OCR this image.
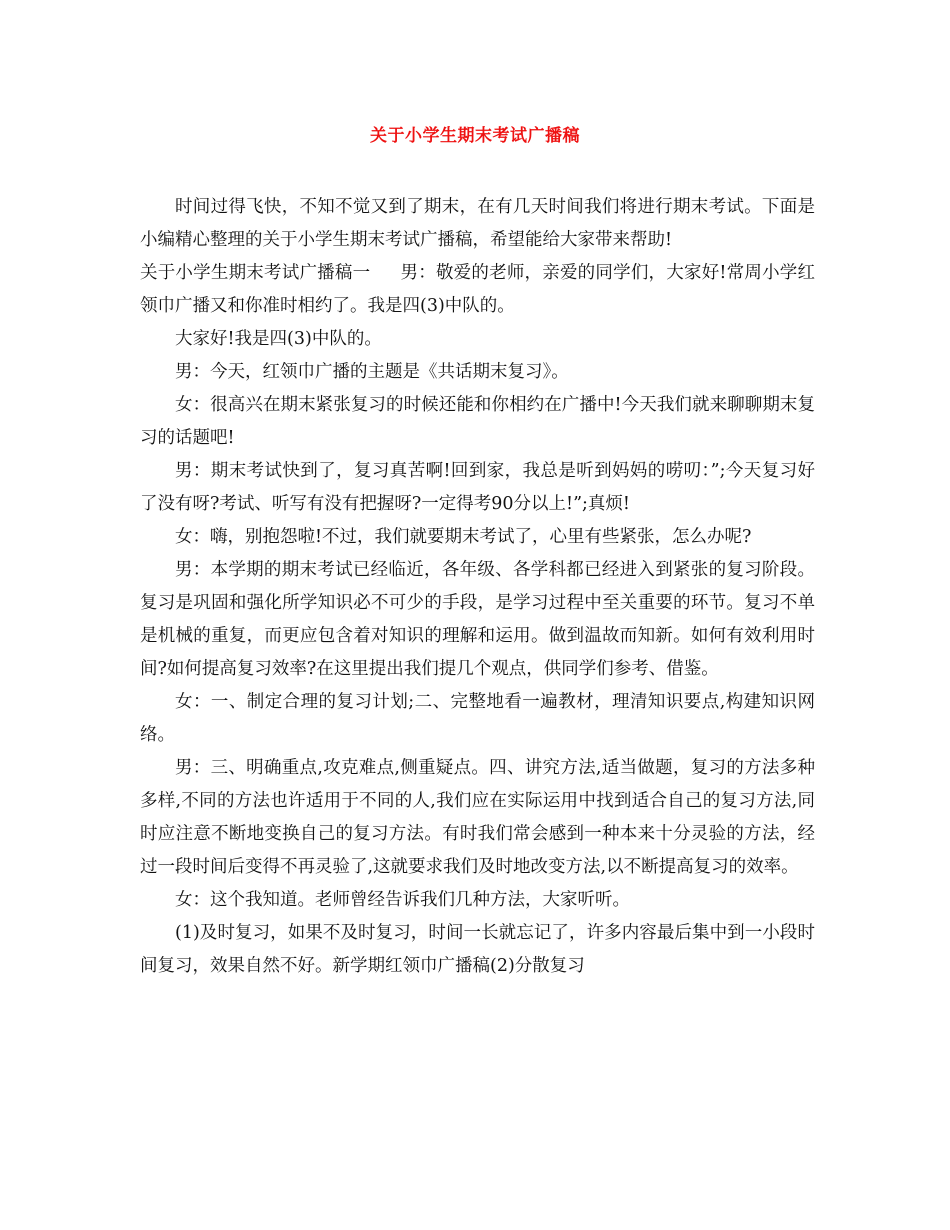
关于小学生期末考试广播稿

时间过得飞快，不知不觉又到了期末，在有几天时间我们将进行期末考试。下面是小编精心整理的关于小学生期末考试广播稿，希望能给大家带来帮助!

关于小学生期末考试广播稿一 男：敬爱的老师，亲爱的同学们，大家好!常周小学红领巾广播又和你准时相约了。我是四(3)中队的。

大家好!我是四(3)中队的。

男：今天，红领巾广播的主题是《共话期末复习》。

女：很高兴在期末紧张复习的时候还能和你相约在广播中!今天我们就来聊聊期末复习的话题吧!

男：期末考试快到了，复习真苦啊!回到家，我总是听到妈妈的唠叨：”;今天复习好了没有呀?考试、听写有没有把握呀?一定得考90分以上!”;真烦!

女：嗨，别抱怨啦!不过，我们就要期末考试了，心里有些紧张，怎么办呢?

男：本学期的期末考试已经临近，各年级、各学科都已经进入到紧张的复习阶段。复习是巩固和强化所学知识必不可少的手段，是学习过程中至关重要的环节。复习不单是机械的重复，而更应包含着对知识的理解和运用。做到温故而知新。如何有效利用时间?如何提高复习效率?在这里提出我们提几个观点，供同学们参考、借鉴。

女：一、制定合理的复习计划;二、完整地看一遍教材，理清知识要点,构建知识网络。

男：三、明确重点,攻克难点,侧重疑点。四、讲究方法,适当做题，复习的方法多种多样,不同的方法也许适用于不同的人,我们应在实际运用中找到适合自己的复习方法,同时应注意不断地变换自己的复习方法。有时我们常会感到一种本来十分灵验的方法，经过一段时间后变得不再灵验了,这就要求我们及时地改变方法,以不断提高复习的效率。

女：这个我知道。老师曾经告诉我们几种方法，大家听听。

(1)及时复习，如果不及时复习，时间一长就忘记了，许多内容最后集中到一小段时间复习，效果自然不好。新学期红领巾广播稿(2)分散复习
